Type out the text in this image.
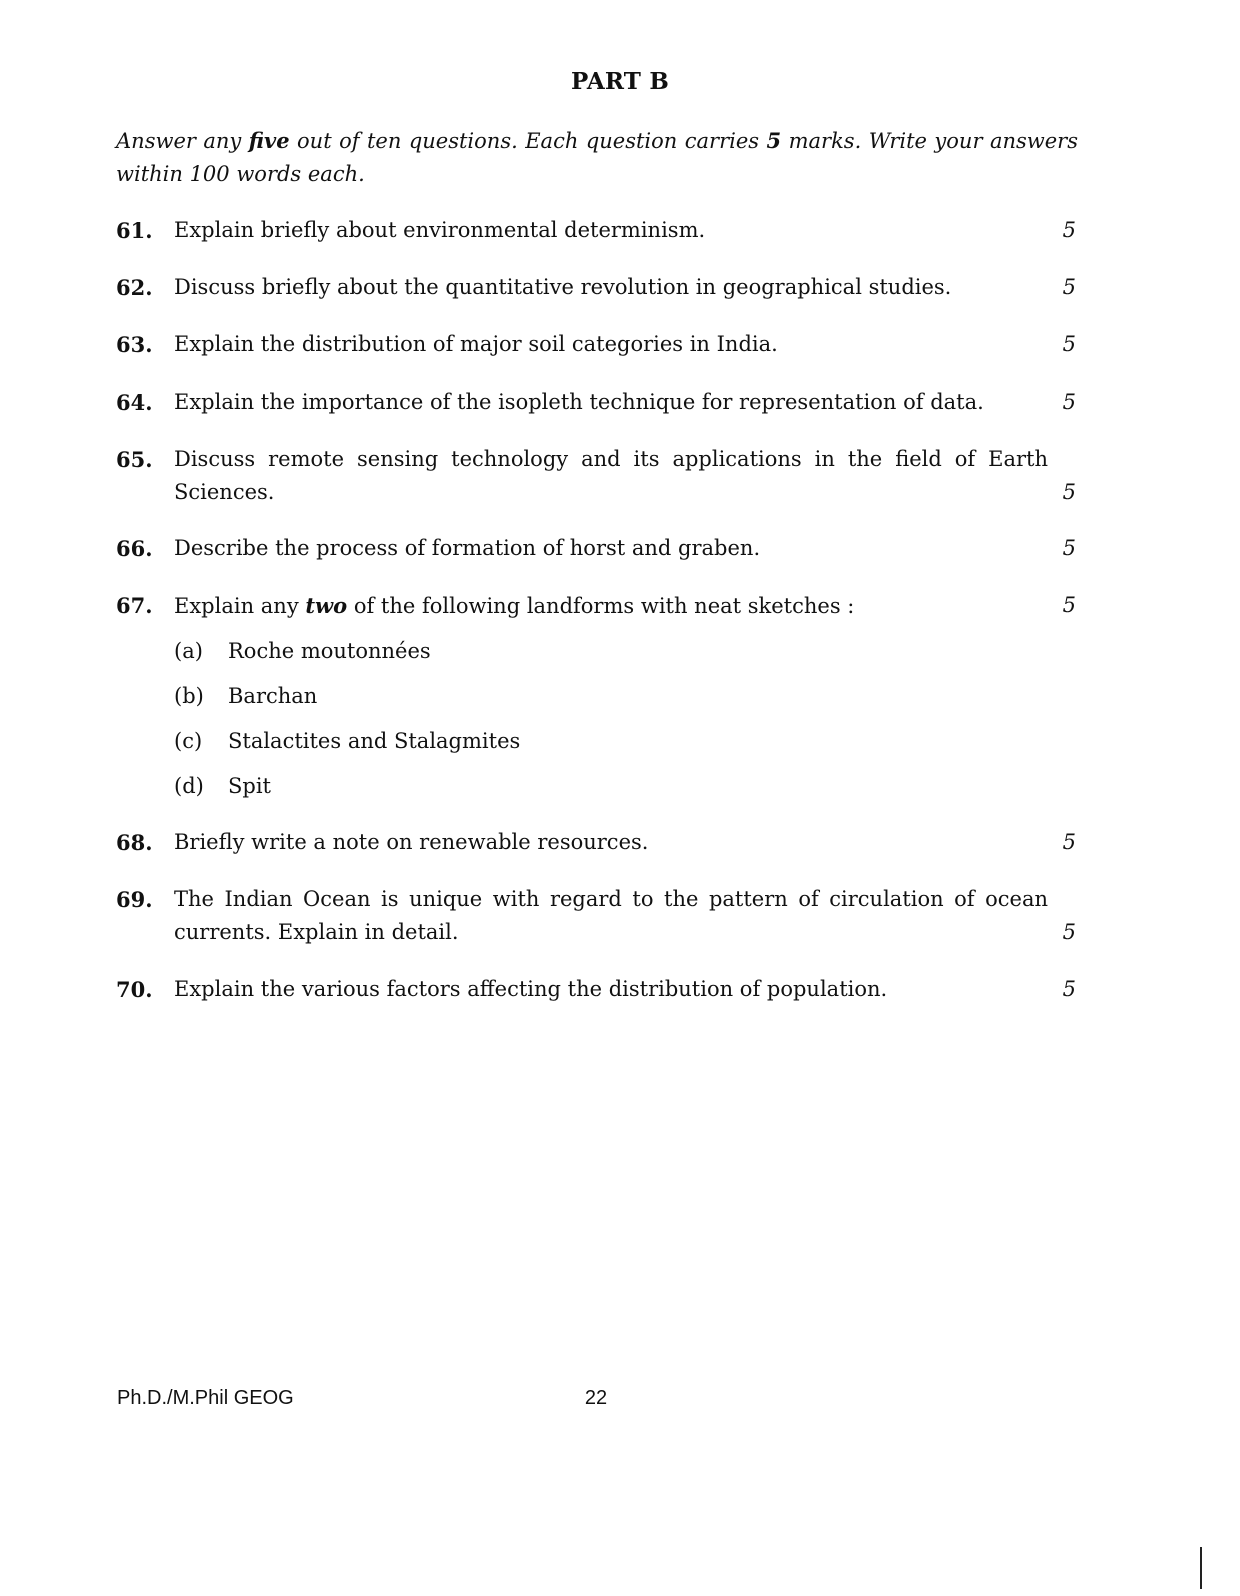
PART B
Answer any five out of ten questions. Each question carries 5 marks. Write your answers within 100 words each.
61. Explain briefly about environmental determinism.	5
62. Discuss briefly about the quantitative revolution in geographical studies.	5
63. Explain the distribution of major soil categories in India.	5
64. Explain the importance of the isopleth technique for representation of data.	5
65. Discuss remote sensing technology and its applications in the field of Earth Sciences.	5
66. Describe the process of formation of horst and graben.	5
67. Explain any two of the following landforms with neat sketches :	5
(a) Roche moutonnées
(b) Barchan
(c) Stalactites and Stalagmites
(d) Spit
68. Briefly write a note on renewable resources.	5
69. The Indian Ocean is unique with regard to the pattern of circulation of ocean currents. Explain in detail.	5
70. Explain the various factors affecting the distribution of population.	5
Ph.D./M.Phil GEOG	22
